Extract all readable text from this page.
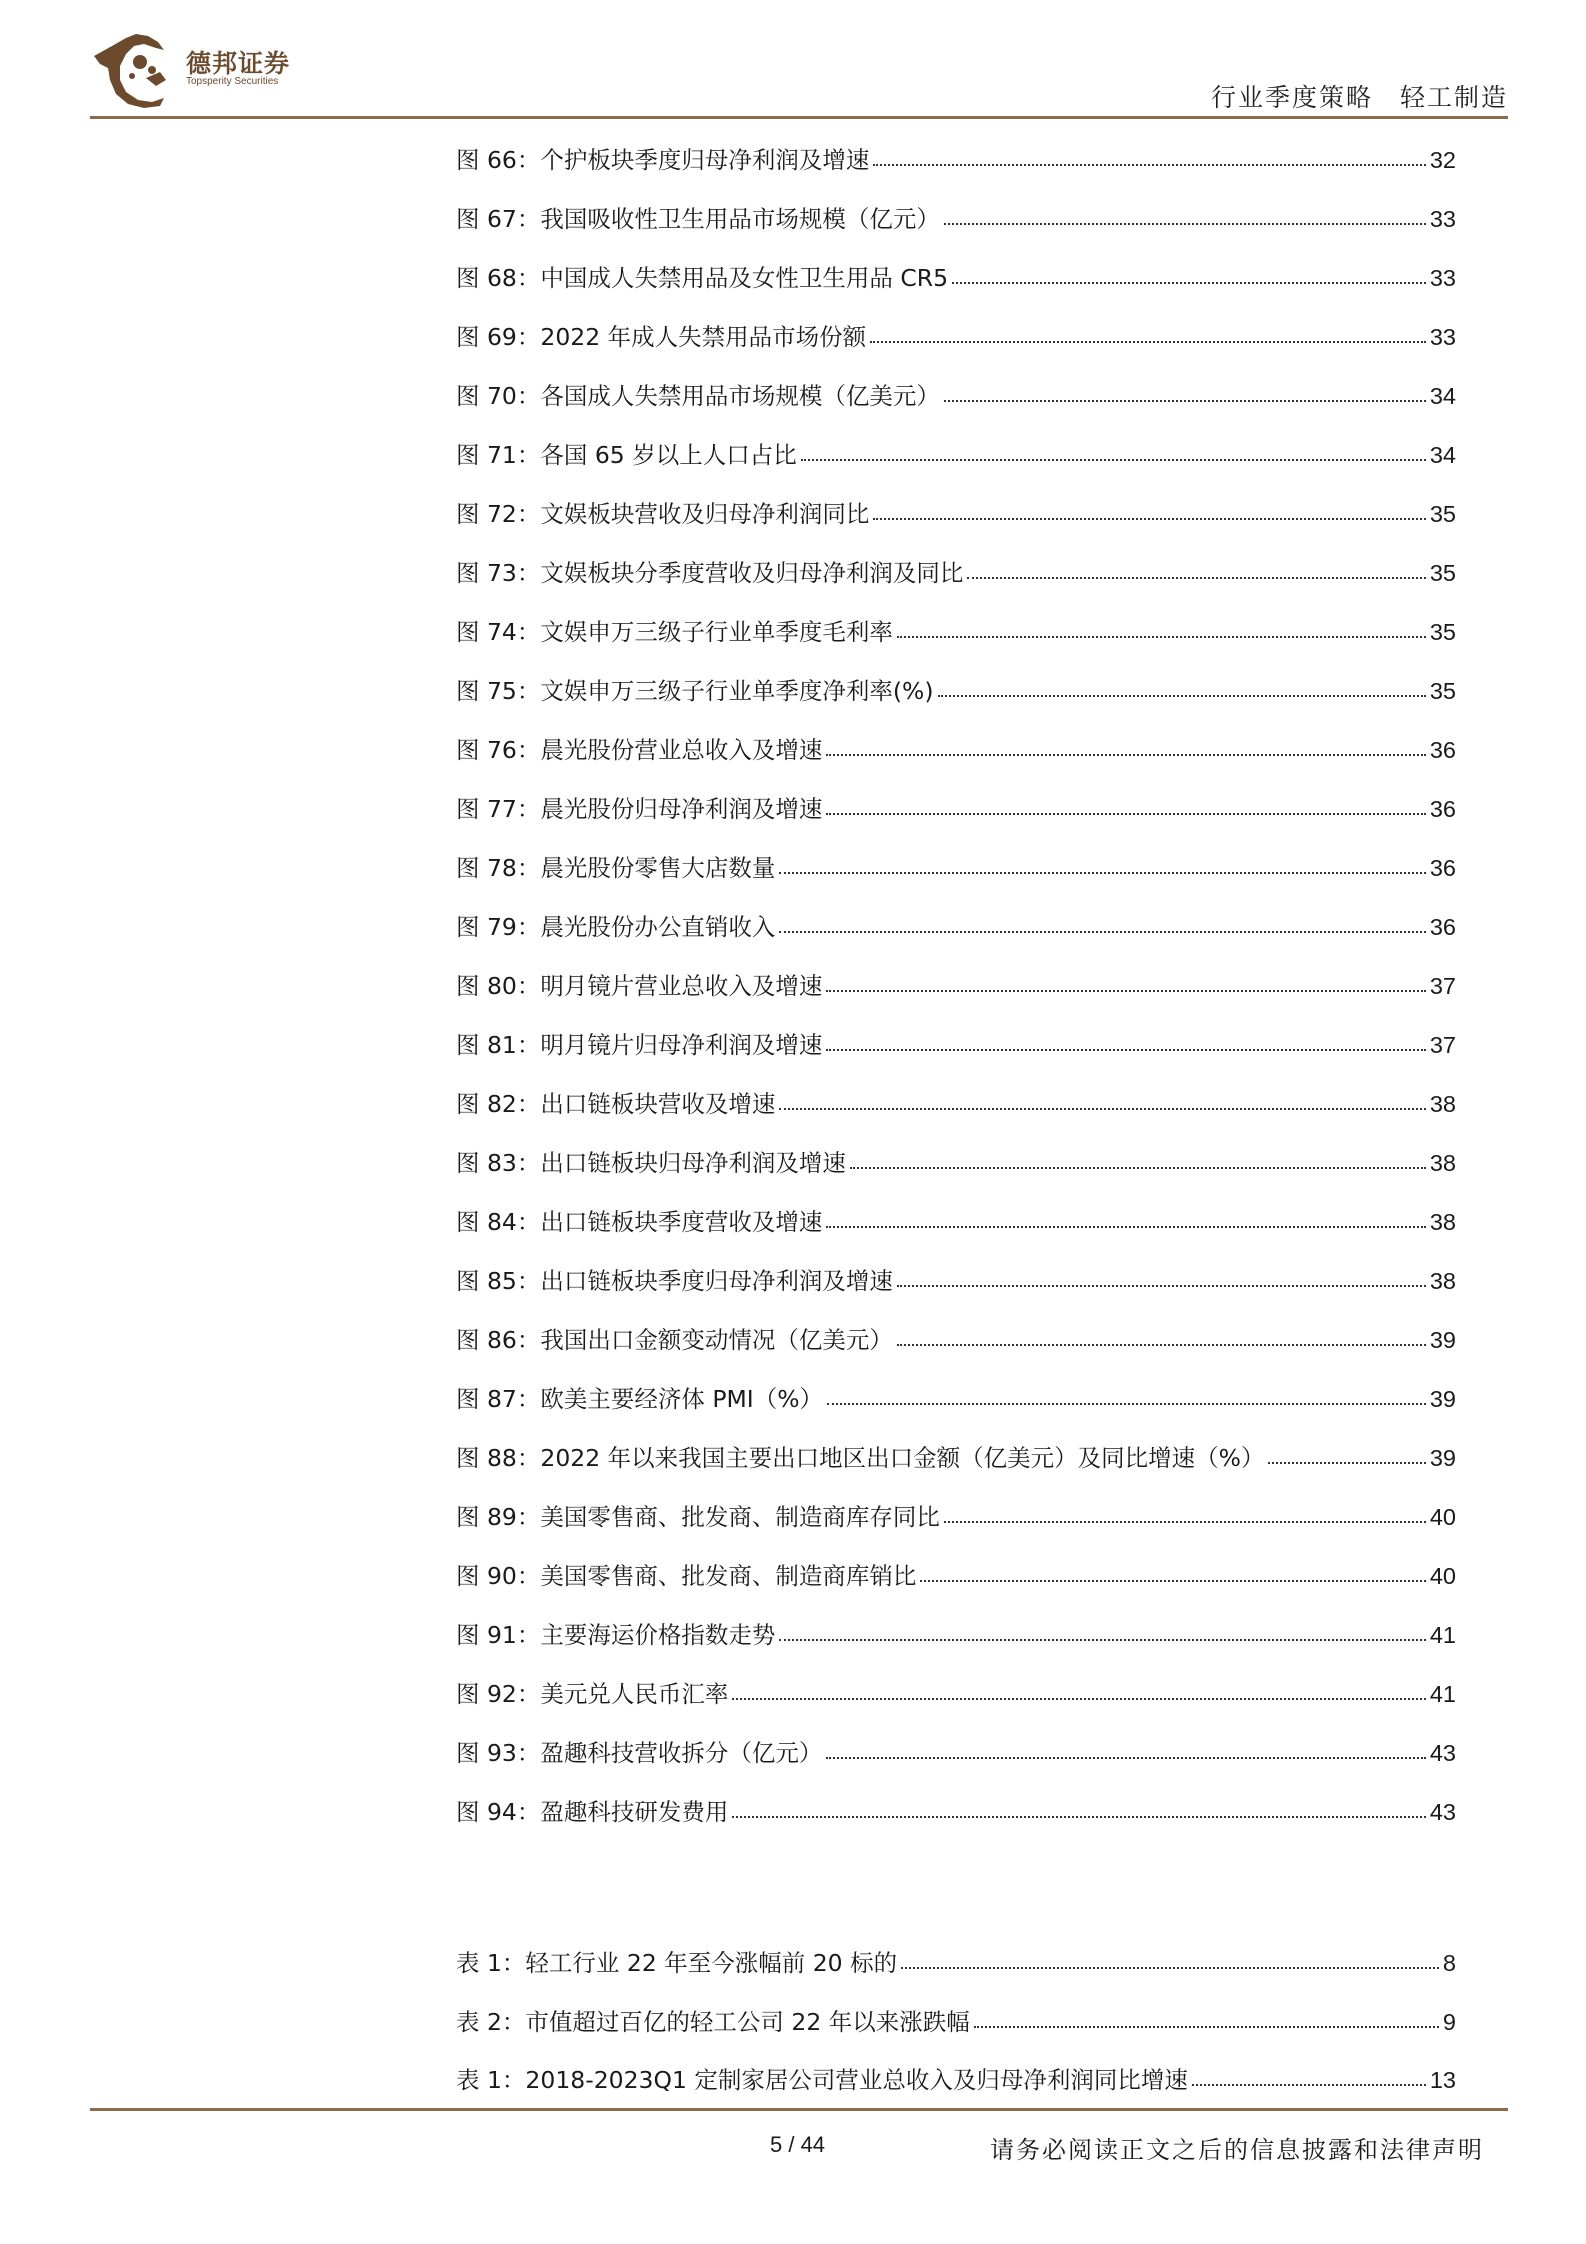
德邦证券
Topsperity Securities
行业季度策略　轻工制造
图 66：个护板块季度归母净利润及增速	32
图 67：我国吸收性卫生用品市场规模（亿元）	33
图 68：中国成人失禁用品及女性卫生用品 CR5	33
图 69：2022 年成人失禁用品市场份额	33
图 70：各国成人失禁用品市场规模（亿美元）	34
图 71：各国 65 岁以上人口占比	34
图 72：文娱板块营收及归母净利润同比	35
图 73：文娱板块分季度营收及归母净利润及同比	35
图 74：文娱申万三级子行业单季度毛利率	35
图 75：文娱申万三级子行业单季度净利率(%)	35
图 76：晨光股份营业总收入及增速	36
图 77：晨光股份归母净利润及增速	36
图 78：晨光股份零售大店数量	36
图 79：晨光股份办公直销收入	36
图 80：明月镜片营业总收入及增速	37
图 81：明月镜片归母净利润及增速	37
图 82：出口链板块营收及增速	38
图 83：出口链板块归母净利润及增速	38
图 84：出口链板块季度营收及增速	38
图 85：出口链板块季度归母净利润及增速	38
图 86：我国出口金额变动情况（亿美元）	39
图 87：欧美主要经济体 PMI（%）	39
图 88：2022 年以来我国主要出口地区出口金额（亿美元）及同比增速（%）	39
图 89：美国零售商、批发商、制造商库存同比	40
图 90：美国零售商、批发商、制造商库销比	40
图 91：主要海运价格指数走势	41
图 92：美元兑人民币汇率	41
图 93：盈趣科技营收拆分（亿元）	43
图 94：盈趣科技研发费用	43
表 1：轻工行业 22 年至今涨幅前 20 标的	8
表 2：市值超过百亿的轻工公司 22 年以来涨跌幅	9
表 1：2018-2023Q1 定制家居公司营业总收入及归母净利润同比增速	13
5 / 44	请务必阅读正文之后的信息披露和法律声明
